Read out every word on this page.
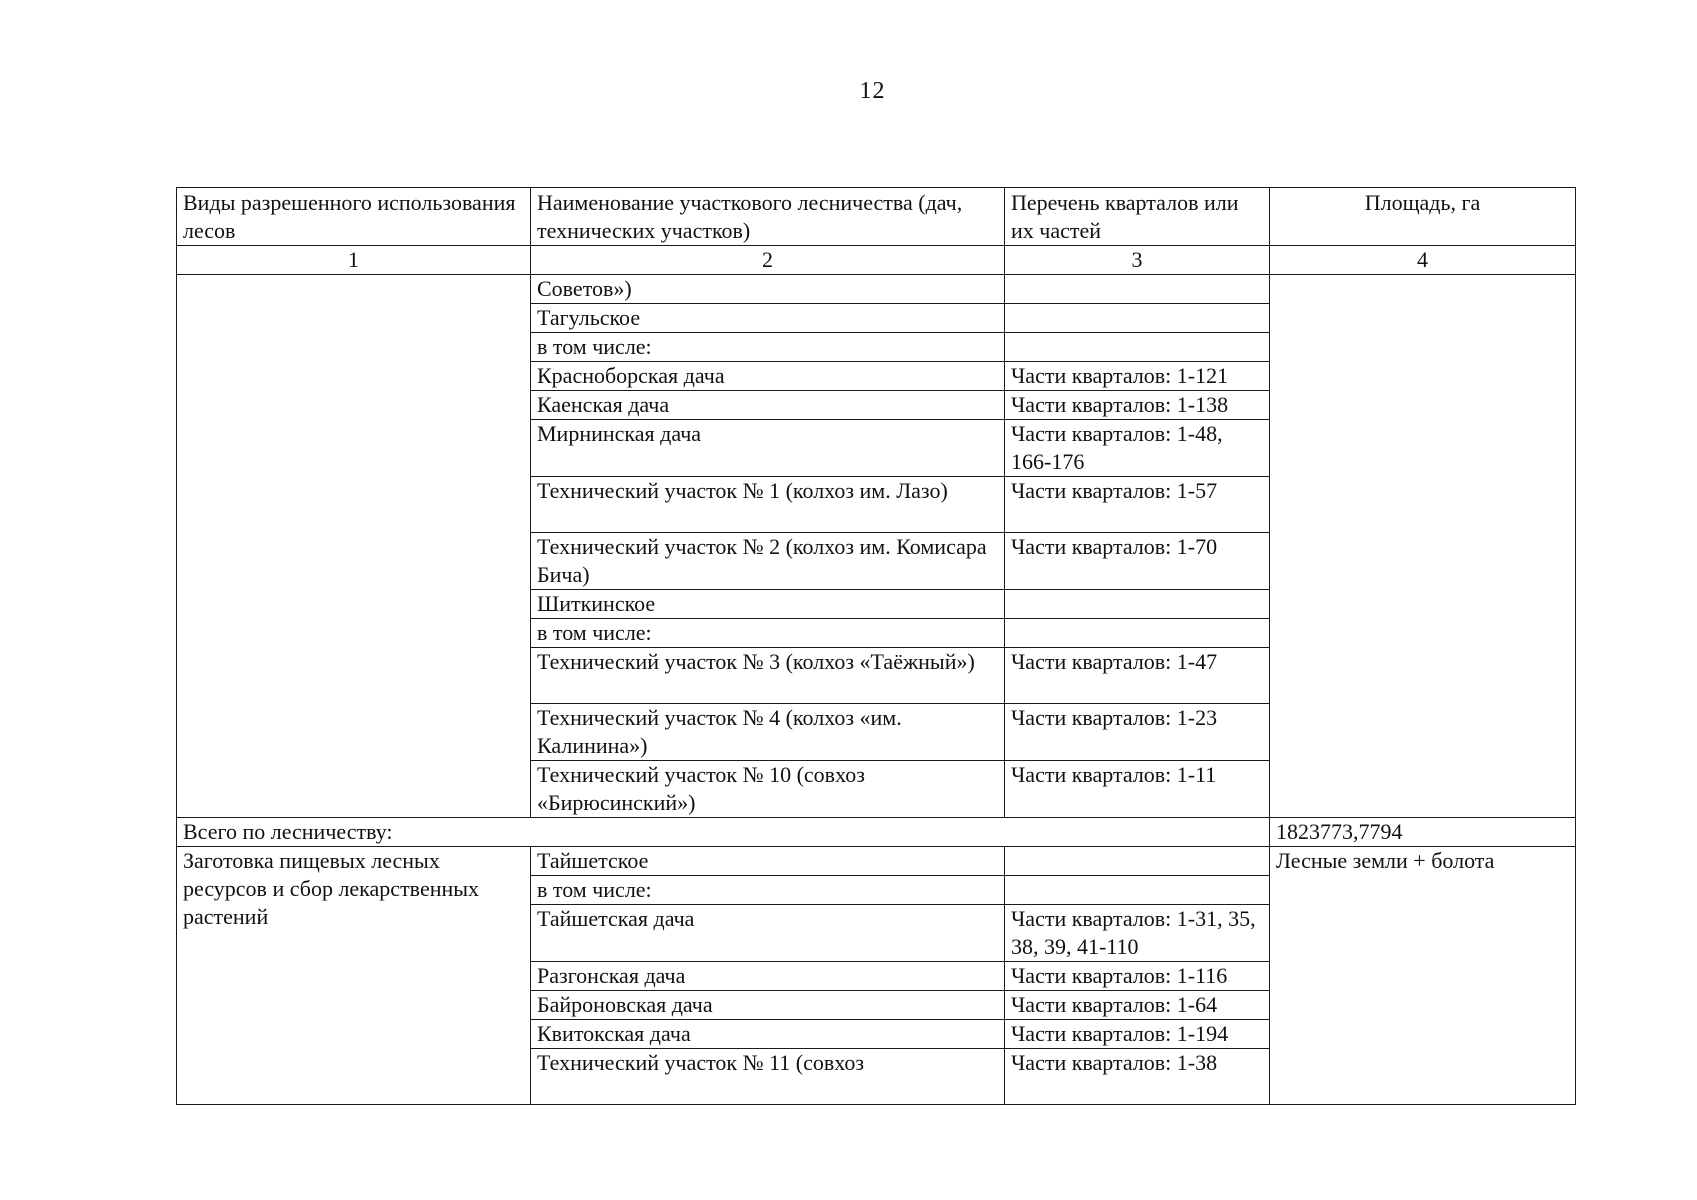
12
Виды разрешенного использования лесов	Наименование участкового лесничества (дач, технических участков)	Перечень кварталов или их частей	Площадь, га
1	2	3	4
	Советов»)		
	Тагульское		
	в том числе:		
	Красноборская дача	Части кварталов: 1-121	
	Каенская дача	Части кварталов: 1-138	
	Мирнинская дача	Части кварталов: 1-48, 166-176	
	Технический участок № 1 (колхоз им. Лазо)	Части кварталов: 1-57	
	Технический участок № 2 (колхоз им. Комисара Бича)	Части кварталов: 1-70	
	Шиткинское		
	в том числе:		
	Технический участок № 3 (колхоз «Таёжный»)	Части кварталов: 1-47	
	Технический участок № 4 (колхоз «им. Калинина»)	Части кварталов: 1-23	
	Технический участок № 10 (совхоз «Бирюсинский»)	Части кварталов: 1-11	
Всего по лесничеству:			1823773,7794
Заготовка пищевых лесных ресурсов и сбор лекарственных растений	Тайшетское		Лесные земли + болота
	в том числе:		
	Тайшетская дача	Части кварталов: 1-31, 35, 38, 39, 41-110	
	Разгонская дача	Части кварталов: 1-116	
	Байроновская дача	Части кварталов: 1-64	
	Квитокская дача	Части кварталов: 1-194	
	Технический участок № 11 (совхоз	Части кварталов: 1-38	
